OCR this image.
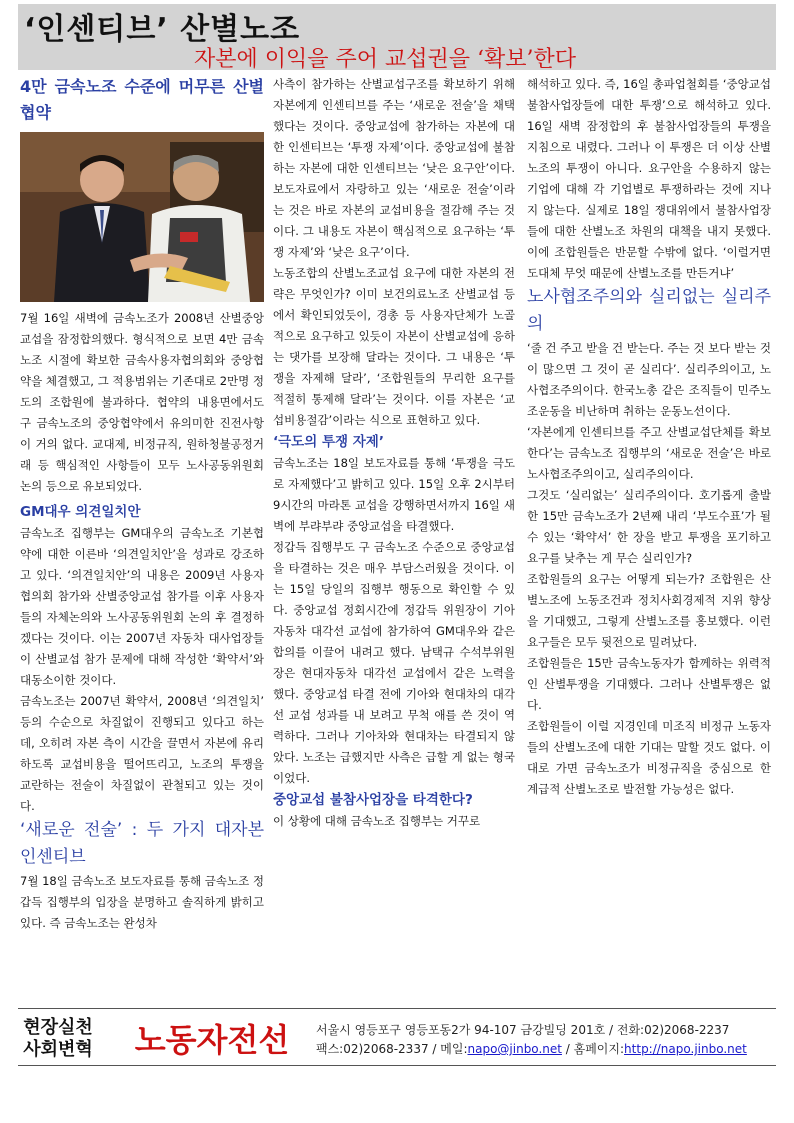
‘인센티브’ 산별노조
자본에 이익을 주어 교섭권을 ‘확보’한다

4만 금속노조 수준에 머무른 산별협약

7월 16일 새벽에 금속노조가 2008년 산별중앙교섭을 잠정합의했다. 형식적으로 보면 4만 금속노조 시절에 확보한 금속사용자협의회와 중앙협약을 체결했고, 그 적용범위는 기존대로 2만명 정도의 조합원에 불과하다. 협약의 내용면에서도 구 금속노조의 중앙협약에서 유의미한 진전사항이 거의 없다. 교대제, 비정규직, 원하청불공정거래 등 핵심적인 사항들이 모두 노사공동위원회 논의 등으로 유보되었다.

GM대우 의견일치안

금속노조 집행부는 GM대우의 금속노조 기본협약에 대한 이른바 ‘의견일치안’을 성과로 강조하고 있다. ‘의견일치안’의 내용은 2009년 사용자협의회 참가와 산별중앙교섭 참가를 이후 사용자들의 자체논의와 노사공동위원회 논의 후 결정하겠다는 것이다. 이는 2007년 자동차 대사업장들이 산별교섭 참가 문제에 대해 작성한 ‘확약서’와 대동소이한 것이다.

금속노조는 2007년 확약서, 2008년 ‘의견일치’ 등의 수순으로 차질없이 진행되고 있다고 하는데, 오히려 자본 측이 시간을 끌면서 자본에 유리하도록 교섭비용을 떨어뜨리고, 노조의 투쟁을 교란하는 전술이 차질없이 관철되고 있는 것이다.

‘새로운 전술’ : 두 가지 대자본 인센티브

7월 18일 금속노조 보도자료를 통해 금속노조 정갑득 집행부의 입장을 분명하고 솔직하게 밝히고 있다. 즉 금속노조는 완성차

사측이 참가하는 산별교섭구조를 확보하기 위해 자본에게 인센티브를 주는 ‘새로운 전술’을 채택했다는 것이다. 중앙교섭에 참가하는 자본에 대한 인센티브는 ‘투쟁 자제’이다. 중앙교섭에 불참하는 자본에 대한 인센티브는 ‘낮은 요구안’이다. 보도자료에서 자랑하고 있는 ‘새로운 전술’이라는 것은 바로 자본의 교섭비용을 절감해 주는 것이다. 그 내용도 자본이 핵심적으로 요구하는 ‘투쟁 자제’와 ‘낮은 요구’이다.

노동조합의 산별노조교섭 요구에 대한 자본의 전략은 무엇인가? 이미 보건의료노조 산별교섭 등에서 확인되었듯이, 경총 등 사용자단체가 노골적으로 요구하고 있듯이 자본이 산별교섭에 응하는 댓가를 보장해 달라는 것이다. 그 내용은 ‘투쟁을 자제해 달라’, ‘조합원들의 무리한 요구를 적절히 통제해 달라’는 것이다. 이를 자본은 ‘교섭비용절감’이라는 식으로 표현하고 있다.

‘극도의 투쟁 자제’

금속노조는 18일 보도자료를 통해 ‘투쟁을 극도로 자제했다’고 밝히고 있다. 15일 오후 2시부터 9시간의 마라톤 교섭을 강행하면서까지 16일 새벽에 부랴부랴 중앙교섭을 타결했다.

정갑득 집행부도 구 금속노조 수준으로 중앙교섭을 타결하는 것은 매우 부담스러웠을 것이다. 이는 15일 당일의 집행부 행동으로 확인할 수 있다. 중앙교섭 정회시간에 정갑득 위원장이 기아자동차 대각선 교섭에 참가하여 GM대우와 같은 합의를 이끌어 내려고 했다. 남택규 수석부위원장은 현대자동차 대각선 교섭에서 같은 노력을 했다. 중앙교섭 타결 전에 기아와 현대차의 대각선 교섭 성과를 내 보려고 무척 애를 쓴 것이 역력하다. 그러나 기아차와 현대차는 타결되지 않았다. 노조는 급했지만 사측은 급할 게 없는 형국이었다.

중앙교섭 불참사업장을 타격한다?

이 상황에 대해 금속노조 집행부는 거꾸로

해석하고 있다. 즉, 16일 총파업철회를 ‘중앙교섭 불참사업장들에 대한 투쟁’으로 해석하고 있다. 16일 새벽 잠정합의 후 불참사업장들의 투쟁을 지침으로 내렸다. 그러나 이 투쟁은 더 이상 산별노조의 투쟁이 아니다. 요구안을 수용하지 않는 기업에 대해 각 기업별로 투쟁하라는 것에 지나지 않는다. 실제로 18일 쟁대위에서 불참사업장들에 대한 산별노조 차원의 대책을 내지 못했다. 이에 조합원들은 반문할 수밖에 없다. ‘이럴거면 도대체 무엇 때문에 산별노조를 만든거냐’

노사협조주의와 실리없는 실리주의

‘줄 건 주고 받을 건 받는다. 주는 것 보다 받는 것이 많으면 그 것이 곧 실리다’. 실리주의이고, 노사협조주의이다. 한국노총 같은 조직들이 민주노조운동을 비난하며 취하는 운동노선이다.

‘자본에게 인센티브를 주고 산별교섭단체를 확보한다’는 금속노조 집행부의 ‘새로운 전술’은 바로 노사협조주의이고, 실리주의이다.

그것도 ‘실리없는’ 실리주의이다. 호기롭게 출발한 15만 금속노조가 2년째 내리 ‘부도수표’가 될 수 있는 ‘확약서’ 한 장을 받고 투쟁을 포기하고 요구를 낮추는 게 무슨 실리인가?

조합원들의 요구는 어떻게 되는가? 조합원은 산별노조에 노동조건과 정치사회경제적 지위 향상을 기대했고, 그렇게 산별노조를 홍보했다. 이런 요구들은 모두 뒷전으로 밀려났다.

조합원들은 15만 금속노동자가 함께하는 위력적인 산별투쟁을 기대했다. 그러나 산별투쟁은 없다.

조합원들이 이럴 지경인데 미조직 비정규 노동자들의 산별노조에 대한 기대는 말할 것도 없다. 이대로 가면 금속노조가 비정규직을 중심으로 한 계급적 산별노조로 발전할 가능성은 없다.

현장실천
사회변혁 노동자전선 서울시 영등포구 영등포동2가 94-107 금강빌딩 201호 / 전화:02)2068-2237
팩스:02)2068-2337 / 메일:napo@jinbo.net / 홈페이지:http://napo.jinbo.net
